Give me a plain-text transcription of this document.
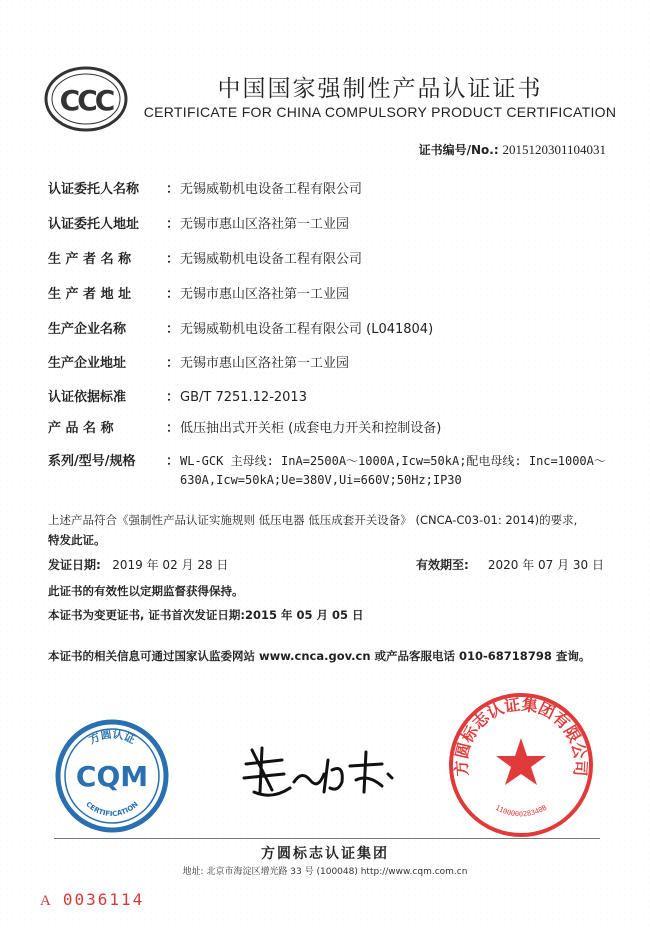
CCC	中国国家强制性产品认证证书
CERTIFICATE FOR CHINA COMPULSORY PRODUCT CERTIFICATION
证书编号/No.: 2015120301104031
认证委托人名称 ：无锡威勒机电设备工程有限公司
认证委托人地址 ：无锡市惠山区洛社第一工业园
生 产 者 名 称	：无锡威勒机电设备工程有限公司
生 产 者 地 址	：无锡市惠山区洛社第一工业园
生产企业名称	：无锡威勒机电设备工程有限公司 (L041804)
生产企业地址	：无锡市惠山区洛社第一工业园
认证依据标准	：GB/T 7251.12-2013
产 品 名 称	：低压抽出式开关柜 (成套电力开关和控制设备)
系列/型号/规格 ：WL-GCK 主母线: InA=2500A～1000A,Icw=50kA;配电母线: Inc=1000A～
630A,Icw=50kA;Ue=380V,Ui=660V;50Hz;IP30
上述产品符合《强制性产品认证实施规则 低压电器 低压成套开关设备》 (CNCA-C03-01: 2014)的要求,
特发此证。
发证日期: 2019 年 02 月 28 日	有效期至: 2020 年 07 月 30 日
此证书的有效性以定期监督获得保持。
本证书为变更证书, 证书首次发证日期:2015 年 05 月 05 日
本证书的相关信息可通过国家认监委网站 www.cnca.gov.cn 或产品客服电话 010-68718798 查询。
方圆认证
CQM
CERTIFICATION
方圆标志认证集团有限公司
110000028340B
方圆标志认证集团
地址: 北京市海淀区增光路 33 号 (100048) http://www.cqm.com.cn
A 0036114
